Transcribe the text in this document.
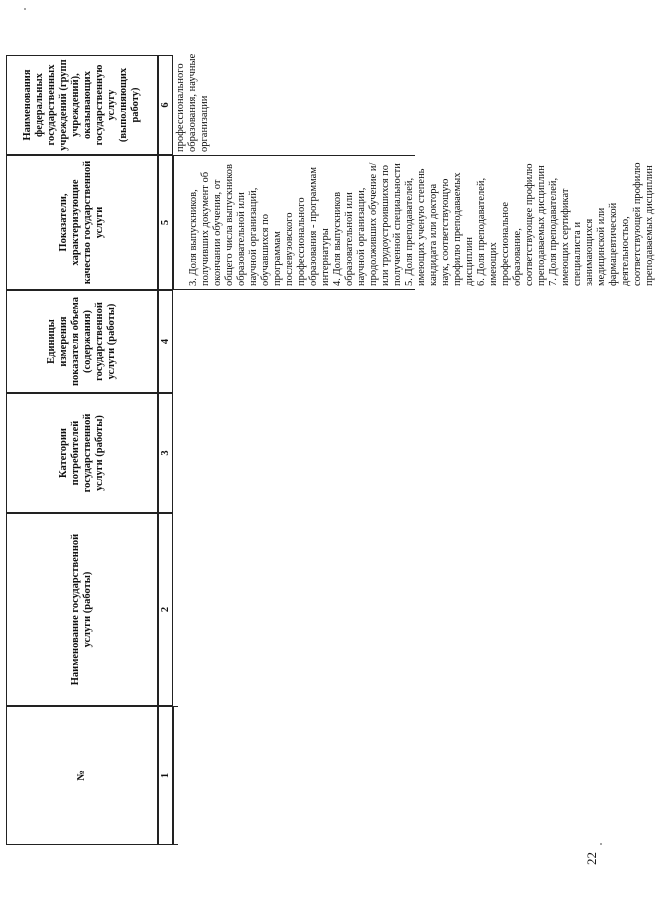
№
Наименование государственной услуги (работы)
Категории потребителей государственной услуги (работы)
Единицы измерения показателя объема (содержания) государственной услуги (работы)
Показатели, характеризующие качество государственной услуги
Наименования федеральных государственных учреждений (групп учреждений), оказывающих государственную услугу (выполняющих работу)
1
2
3
4
5
6

3. Доля выпускников, получивших документ об окончании обучения, от общего числа выпускников образовательной или научной организаций, обучавшихся по программам послевузовского профессионального образования - программам интернатуры
4. Доля выпускников образовательной или научной организации, продолживших обучение и/или трудоустроившихся по полученной специальности
5. Доля преподавателей, имеющих ученую степень кандидата или доктора наук, соответствующую профилю преподаваемых дисциплин
6. Доля преподавателей, имеющих профессиональное образование, соответствующее профилю преподаваемых дисциплин
7. Доля преподавателей, имеющих сертификат специалиста и занимающихся медицинской или фармацевтической деятельностью, соответствующей профилю преподаваемых дисциплин

профессионального образования, научные организации
22
